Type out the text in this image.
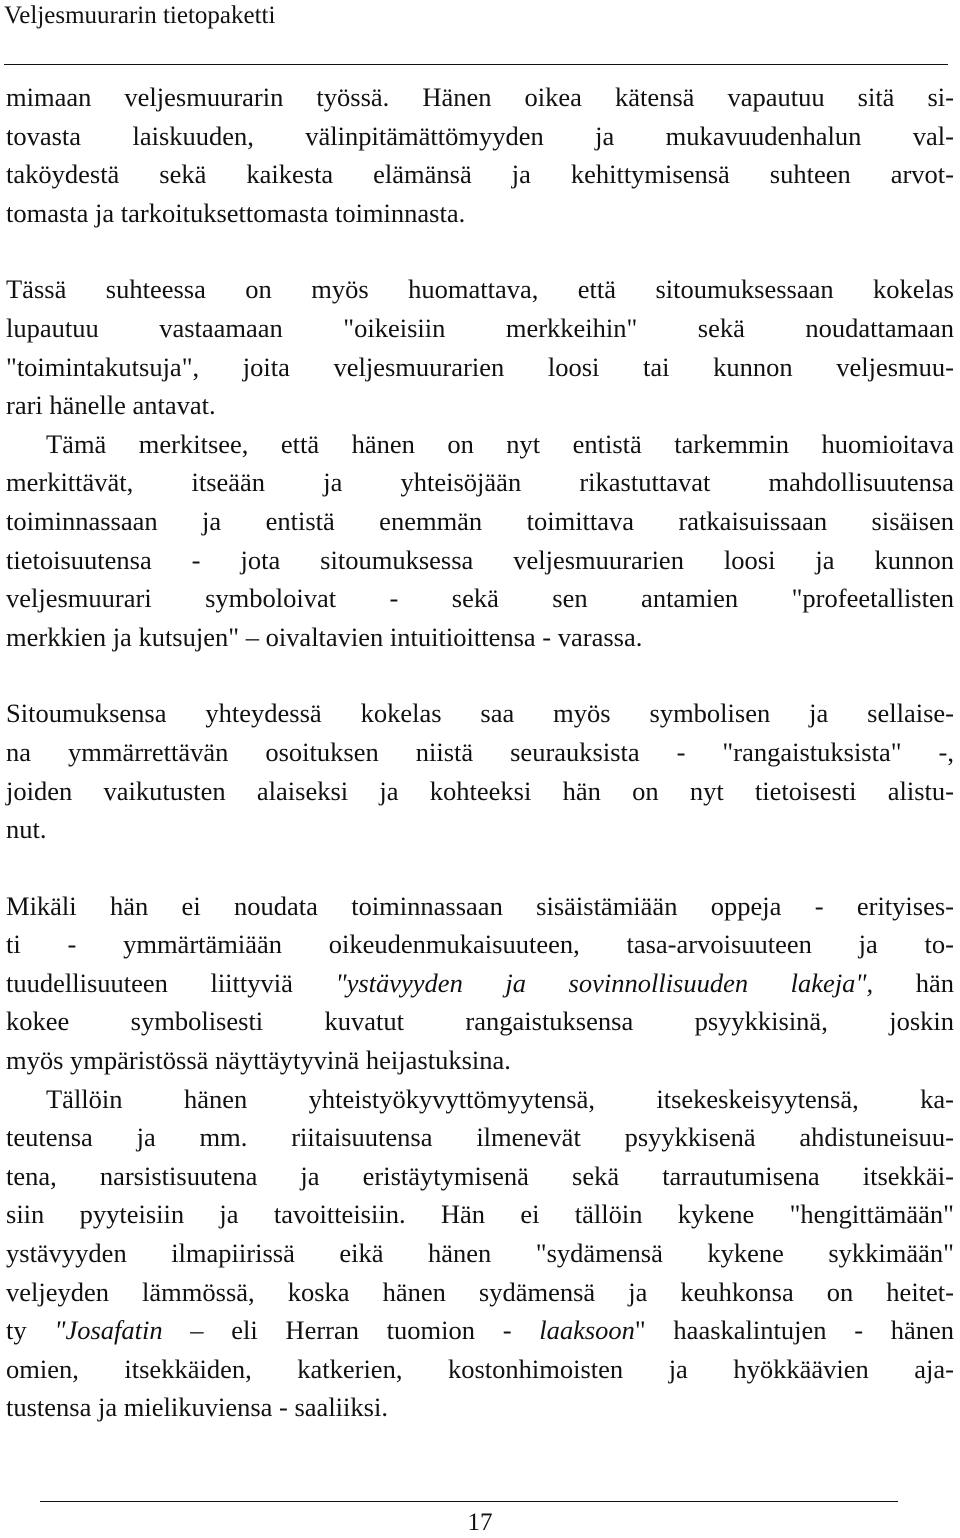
Veljesmuurarin tietopaketti

mimaan veljesmuurarin työssä. Hänen oikea kätensä vapautuu sitä si-
tovasta laiskuuden, välinpitämättömyyden ja mukavuudenhalun val-
taköydestä sekä kaikesta elämänsä ja kehittymisensä suhteen arvot-
tomasta ja tarkoituksettomasta toiminnasta.

Tässä suhteessa on myös huomattava, että sitoumuksessaan kokelas
lupautuu vastaamaan "oikeisiin merkkeihin" sekä noudattamaan
"toimintakutsuja", joita veljesmuurarien loosi tai kunnon veljesmuu-
rari hänelle antavat.

Tämä merkitsee, että hänen on nyt entistä tarkemmin huomioitava
merkittävät, itseään ja yhteisöjään rikastuttavat mahdollisuutensa
toiminnassaan ja entistä enemmän toimittava ratkaisuissaan sisäisen
tietoisuutensa - jota sitoumuksessa veljesmuurarien loosi ja kunnon
veljesmuurari symboloivat - sekä sen antamien "profeetallisten
merkkien ja kutsujen" – oivaltavien intuitioittensa - varassa.

Sitoumuksensa yhteydessä kokelas saa myös symbolisen ja sellaise-
na ymmärrettävän osoituksen niistä seurauksista - "rangaistuksista" -,
joiden vaikutusten alaiseksi ja kohteeksi hän on nyt tietoisesti alistu-
nut.

Mikäli hän ei noudata toiminnassaan sisäistämiään oppeja - erityises-
ti - ymmärtämiään oikeudenmukaisuuteen, tasa-arvoisuuteen ja to-
tuudellisuuteen liittyviä "ystävyyden ja sovinnollisuuden lakeja", hän
kokee symbolisesti kuvatut rangaistuksensa psyykkisinä, joskin
myös ympäristössä näyttäytyvinä heijastuksina.

Tällöin hänen yhteistyökyvyttömyytensä, itsekeskeisyytensä, ka-
teutensa ja mm. riitaisuutensa ilmenevät psyykkisenä ahdistuneisuu-
tena, narsistisuutena ja eristäytymisenä sekä tarrautumisena itsekkäi-
siin pyyteisiin ja tavoitteisiin. Hän ei tällöin kykene "hengittämään"
ystävyyden ilmapiirissä eikä hänen "sydämensä kykene sykkimään"
veljeyden lämmössä, koska hänen sydämensä ja keuhkonsa on heitet-
ty "Josafatin – eli Herran tuomion - laaksoon" haaskalintujen - hänen
omien, itsekkäiden, katkerien, kostonhimoisten ja hyökkäävien aja-
tustensa ja mielikuviensa - saaliiksi.

17
